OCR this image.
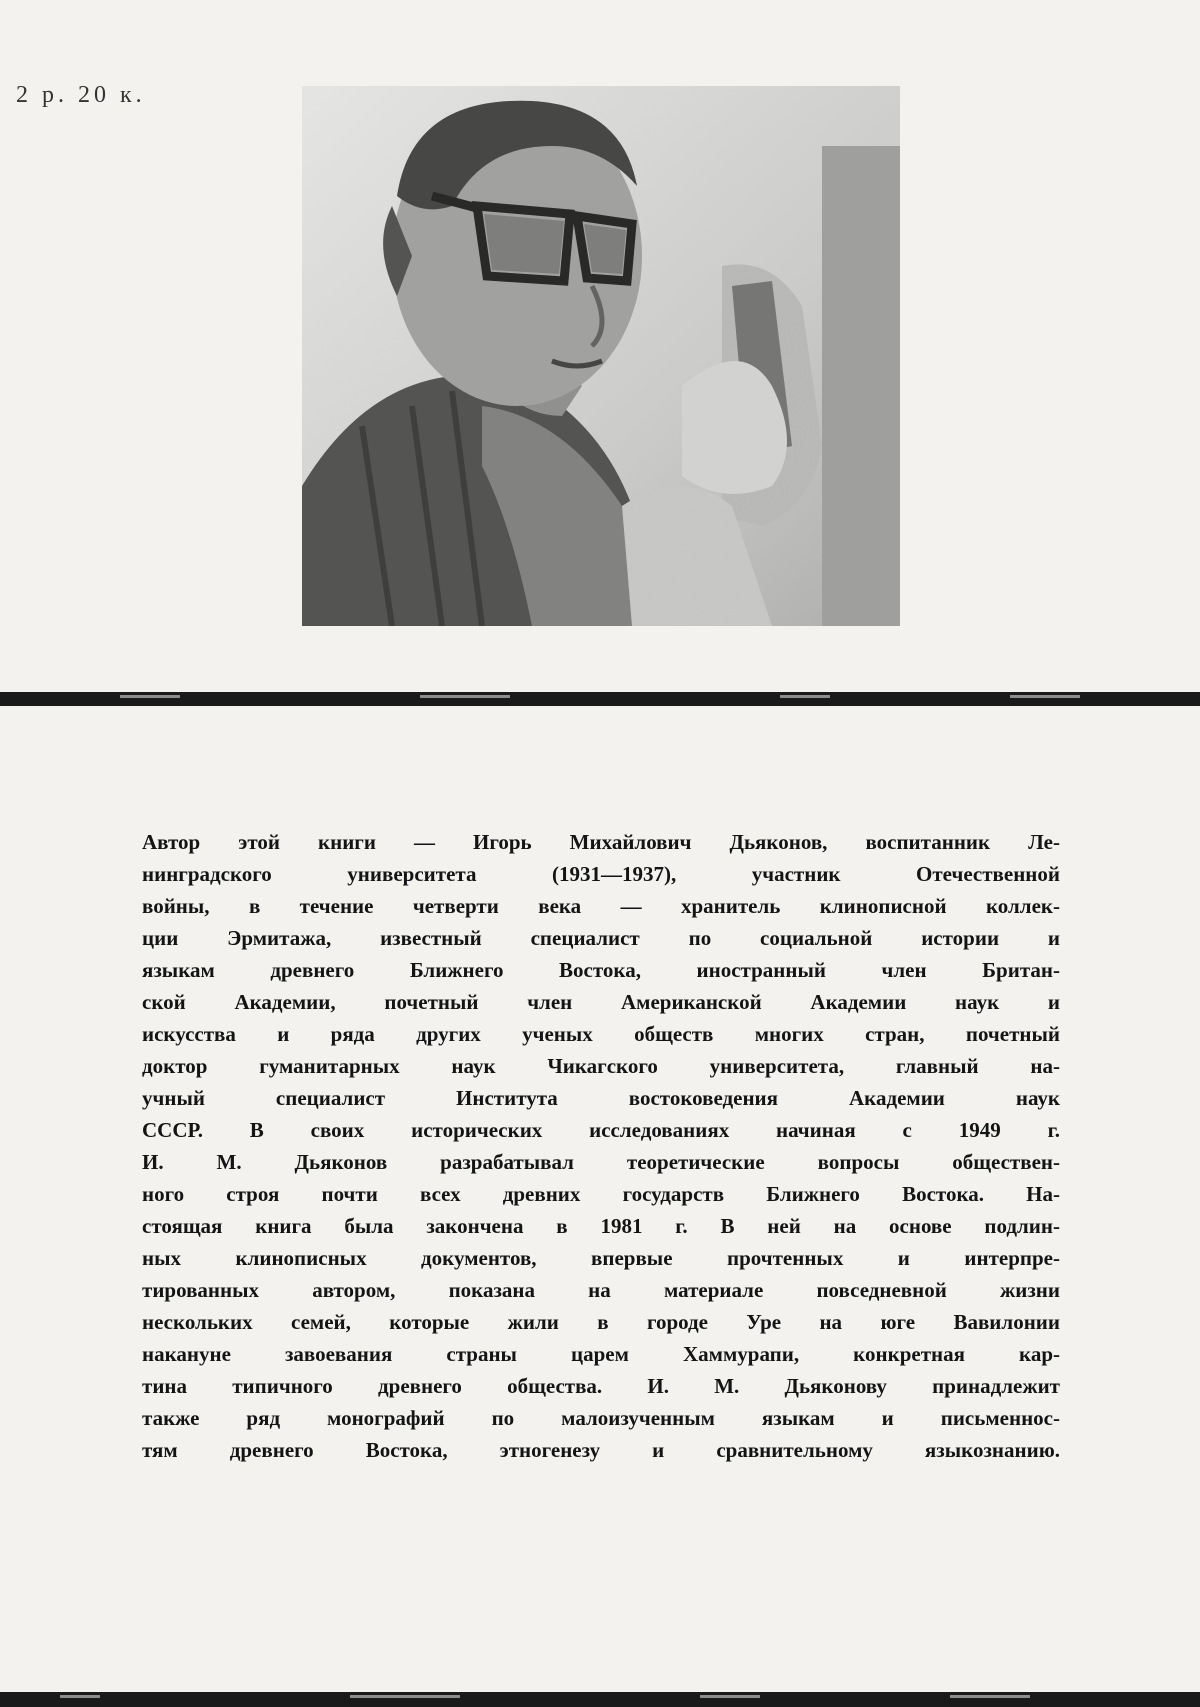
2 р. 20 к.
Автор этой книги — Игорь Михайлович Дьяконов, воспитанник Ле-
нинградского университета (1931—1937), участник Отечественной
войны, в течение четверти века — хранитель клинописной коллек-
ции Эрмитажа, известный специалист по социальной истории и
языкам древнего Ближнего Востока, иностранный член Британ-
ской Академии, почетный член Американской Академии наук и
искусства и ряда других ученых обществ многих стран, почетный
доктор гуманитарных наук Чикагского университета, главный на-
учный специалист Института востоковедения Академии наук
СССР. В своих исторических исследованиях начиная с 1949 г.
И. М. Дьяконов разрабатывал теоретические вопросы обществен-
ного строя почти всех древних государств Ближнего Востока. На-
стоящая книга была закончена в 1981 г. В ней на основе подлин-
ных клинописных документов, впервые прочтенных и интерпре-
тированных автором, показана на материале повседневной жизни
нескольких семей, которые жили в городе Уре на юге Вавилонии
накануне завоевания страны царем Хаммурапи, конкретная кар-
тина типичного древнего общества. И. М. Дьяконову принадлежит
также ряд монографий по малоизученным языкам и письменнос-
тям древнего Востока, этногенезу и сравнительному языкознанию.
